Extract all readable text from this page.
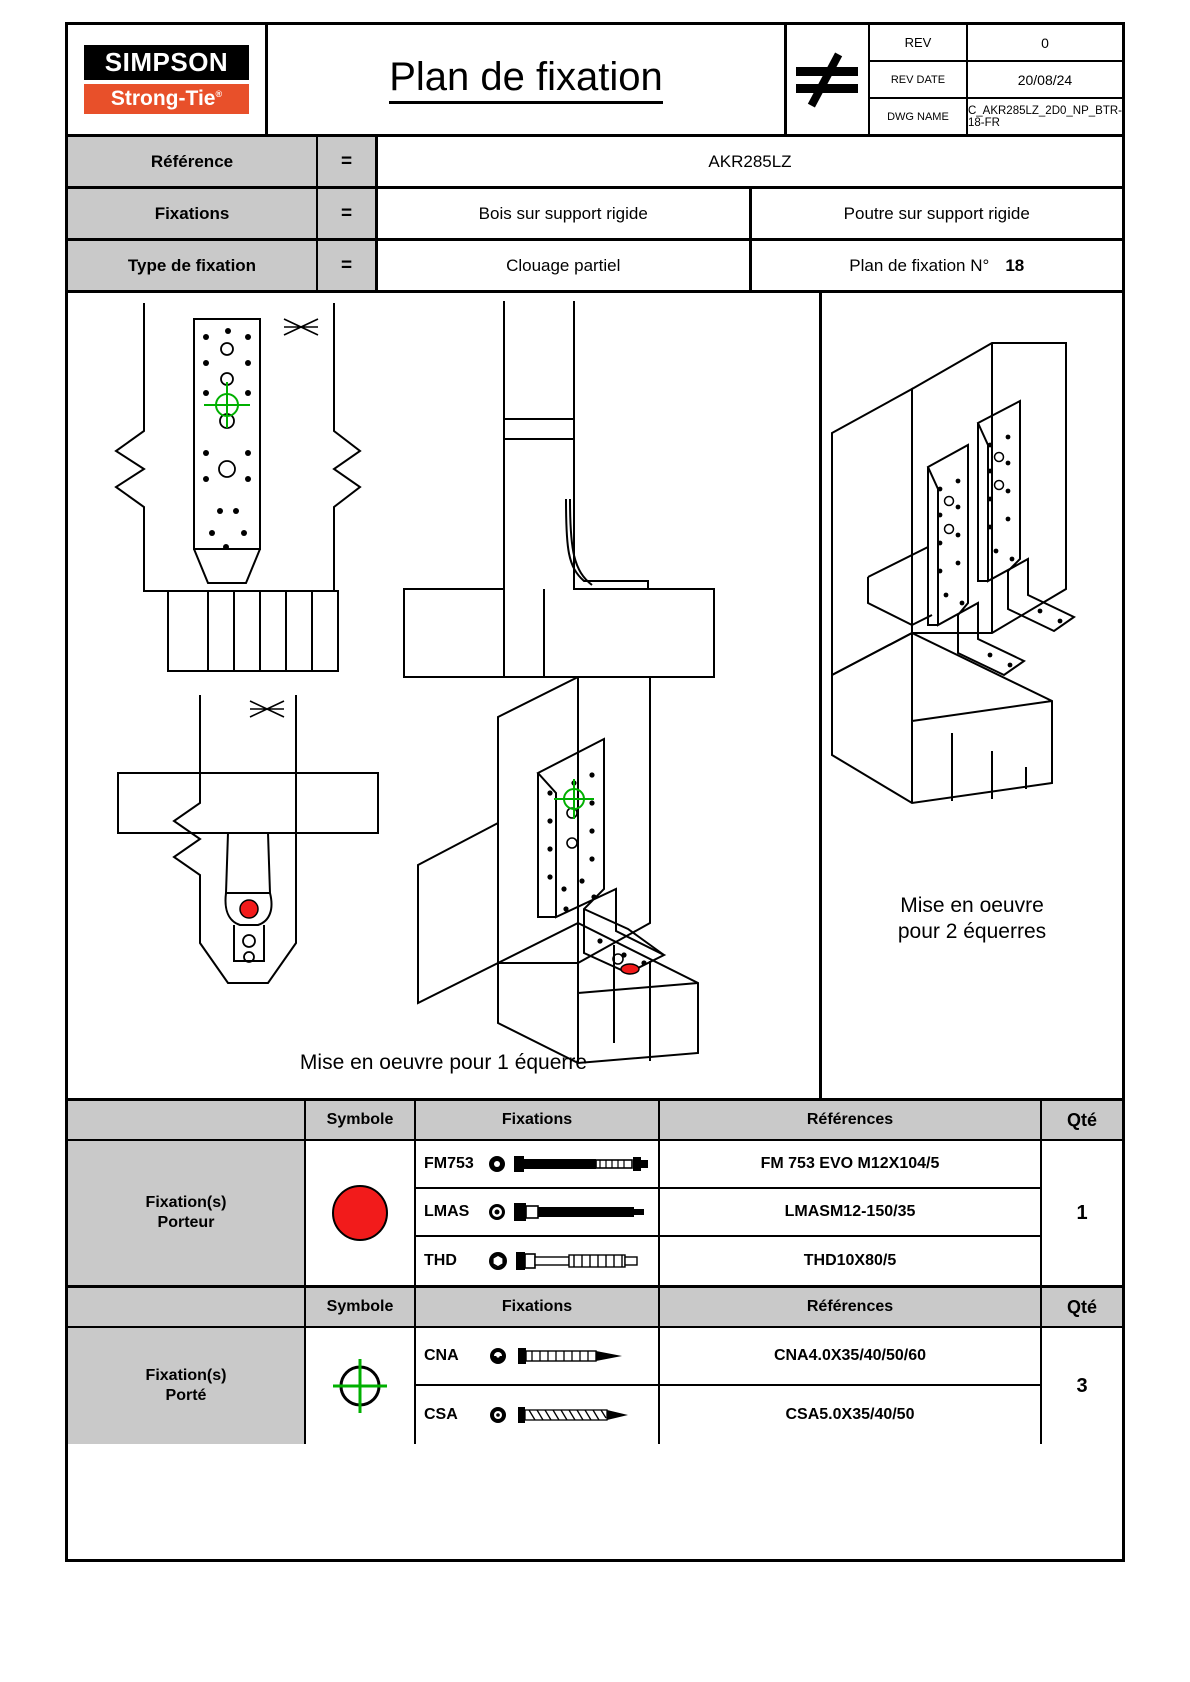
SIMPSON
Strong-Tie®	Plan de fixation
REV	0
REV DATE	20/08/24
DWG NAME	C_AKR285LZ_2D0_NP_BTR-18-FR
Référence	=	AKR285LZ
Fixations	=	Bois sur support rigide	Poutre sur support rigide
Type de fixation	=	Clouage partiel	Plan de fixation N° 18
Mise en oeuvre pour 1 équerre
Mise en oeuvre
pour 2 équerres
Symbole	Fixations	Références	Qté
Fixation(s)
Porteur
FM753	FM 753 EVO M12X104/5
LMAS	LMASM12-150/35
THD	THD10X80/5
1
Symbole	Fixations	Références	Qté
Fixation(s)
Porté
CNA	CNA4.0X35/40/50/60
CSA	CSA5.0X35/40/50
3
